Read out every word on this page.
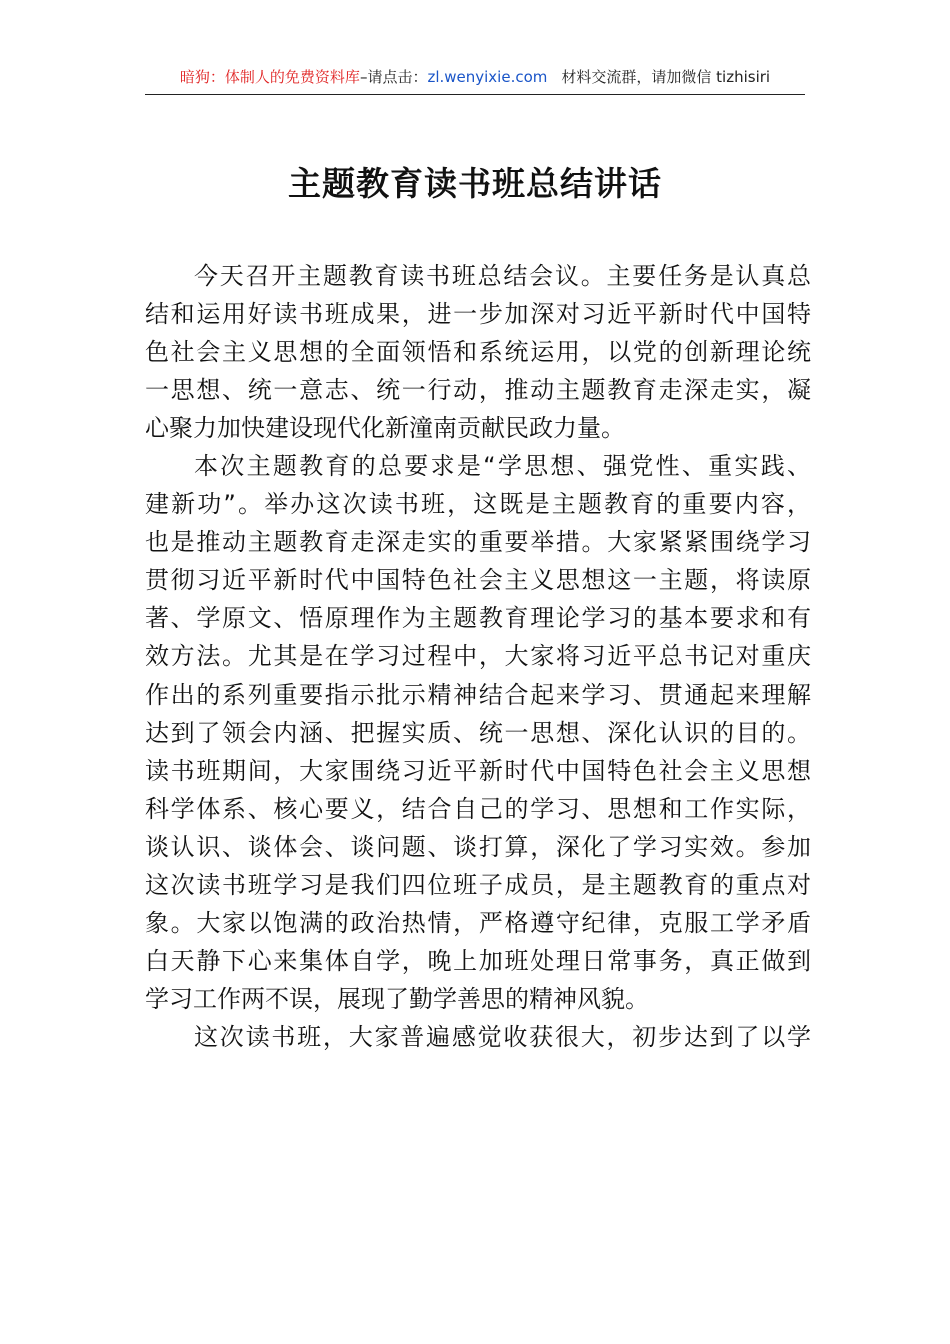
暗狗：体制人的免费资料库–请点击：zl.wenyixie.com 材料交流群，请加微信 tizhisiri
主题教育读书班总结讲话
今天召开主题教育读书班总结会议。主要任务是认真总
结和运用好读书班成果，进一步加深对习近平新时代中国特
色社会主义思想的全面领悟和系统运用，以党的创新理论统
一思想、统一意志、统一行动，推动主题教育走深走实，凝
心聚力加快建设现代化新潼南贡献民政力量。
本次主题教育的总要求是“学思想、强党性、重实践、
建新功”。举办这次读书班，这既是主题教育的重要内容，
也是推动主题教育走深走实的重要举措。大家紧紧围绕学习
贯彻习近平新时代中国特色社会主义思想这一主题，将读原
著、学原文、悟原理作为主题教育理论学习的基本要求和有
效方法。尤其是在学习过程中，大家将习近平总书记对重庆
作出的系列重要指示批示精神结合起来学习、贯通起来理解
达到了领会内涵、把握实质、统一思想、深化认识的目的。
读书班期间，大家围绕习近平新时代中国特色社会主义思想
科学体系、核心要义，结合自己的学习、思想和工作实际，
谈认识、谈体会、谈问题、谈打算，深化了学习实效。参加
这次读书班学习是我们四位班子成员，是主题教育的重点对
象。大家以饱满的政治热情，严格遵守纪律，克服工学矛盾
白天静下心来集体自学，晚上加班处理日常事务，真正做到
学习工作两不误，展现了勤学善思的精神风貌。
这次读书班，大家普遍感觉收获很大，初步达到了以学
